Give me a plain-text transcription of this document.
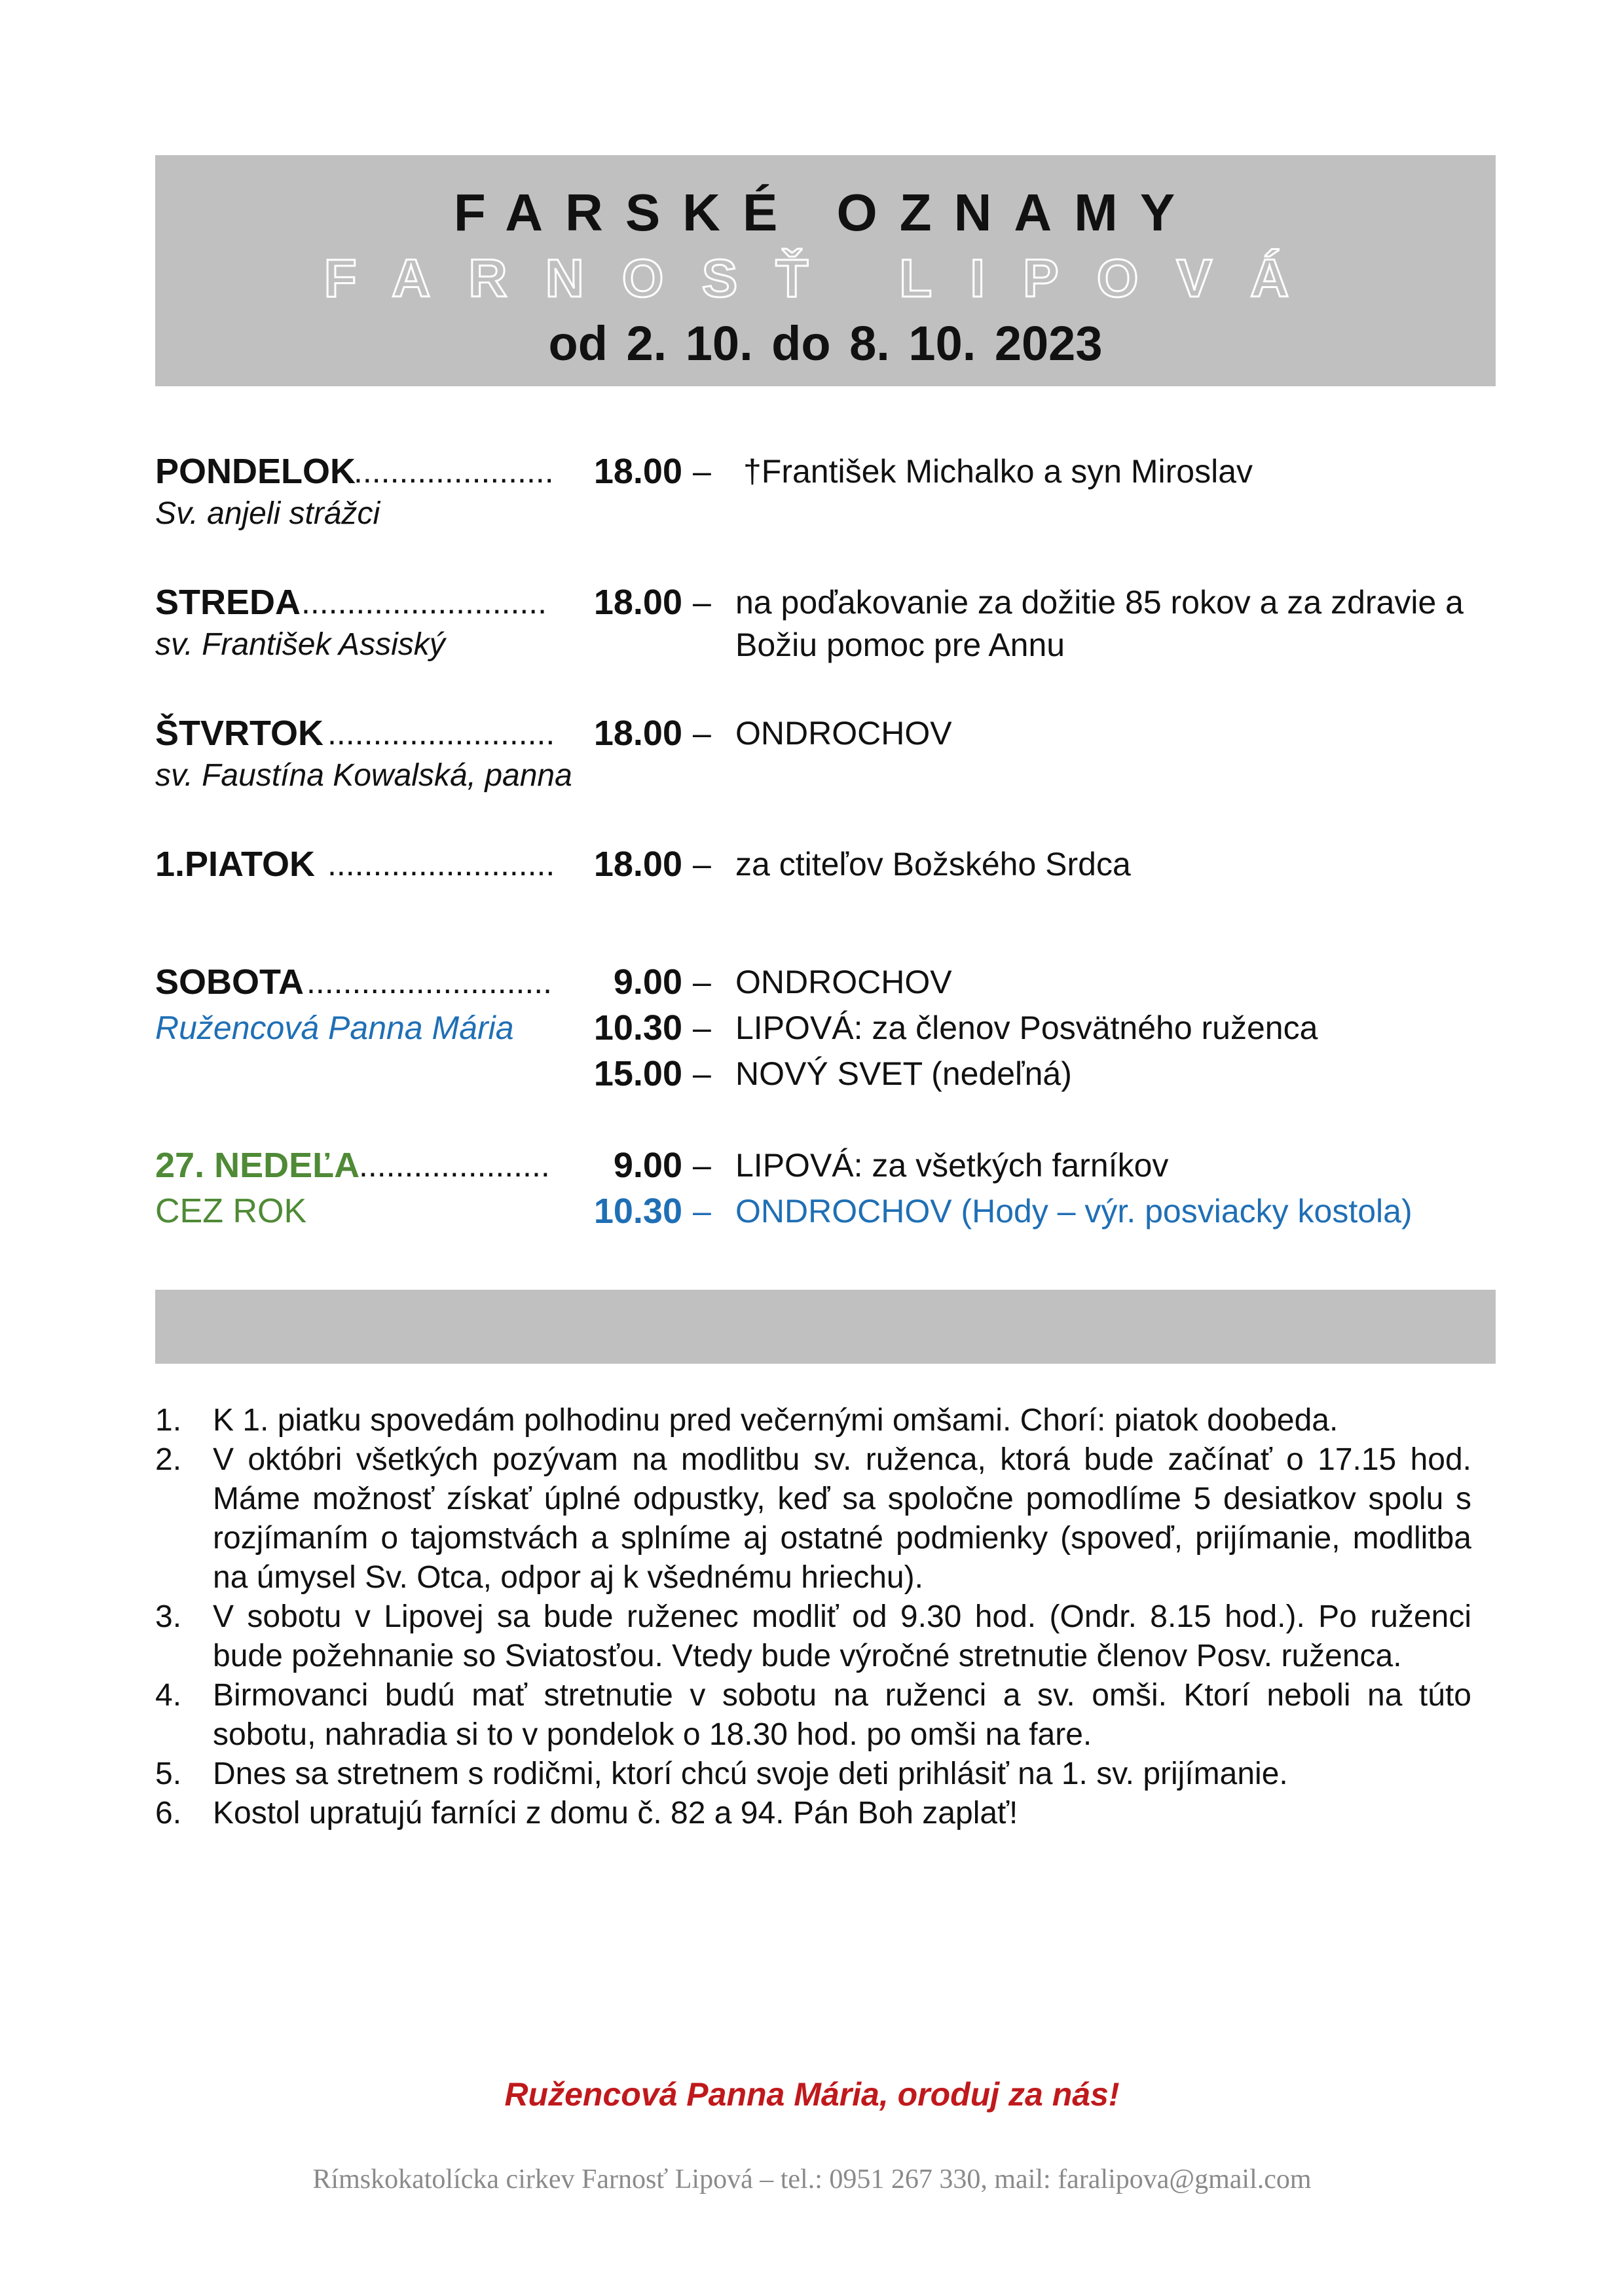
FARSKÉ OZNAMY
FARNOSŤ LIPOVÁ
od 2. 10. do 8. 10. 2023
PONDELOK
...................... 18.00 – †František Michalko a syn Miroslav
Sv. anjeli strážci
STREDA ........................... 18.00 – na poďakovanie za dožitie 85 rokov a za zdravie a
sv. František Assiský	Božiu pomoc pre Annu
ŠTVRTOK ......................... 18.00 – ONDROCHOV
sv. Faustína Kowalská, panna
1.PIATOK ......................... 18.00 – za ctiteľov Božského Srdca
SOBOTA ........................... 9.00 – ONDROCHOV
Ružencová Panna Mária 10.30 – LIPOVÁ: za členov Posvätného ruženca
15.00 – NOVÝ SVET (nedeľná)
27. NEDEĽA
..................... 9.00 – LIPOVÁ: za všetkých farníkov
CEZ ROK	10.30 – ONDROCHOV (Hody – výr. posviacky kostola)
1. K 1. piatku spovedám polhodinu pred večernými omšami. Chorí: piatok doobeda.
2. V októbri všetkých pozývam na modlitbu sv. ruženca, ktorá bude začínať o 17.15 hod. Máme možnosť získať úplné odpustky, keď sa spoločne pomodlíme 5 desiatkov spolu s rozjímaním o tajomstvách a splníme aj ostatné podmienky (spoveď, prijímanie, modlitba na úmysel Sv. Otca, odpor aj k všednému hriechu).
3. V sobotu v Lipovej sa bude ruženec modliť od 9.30 hod. (Ondr. 8.15 hod.). Po ruženci bude požehnanie so Sviatosťou. Vtedy bude výročné stretnutie členov Posv. ruženca.
4. Birmovanci budú mať stretnutie v sobotu na ruženci a sv. omši. Ktorí neboli na túto sobotu, nahradia si to v pondelok o 18.30 hod. po omši na fare.
5. Dnes sa stretnem s rodičmi, ktorí chcú svoje deti prihlásiť na 1. sv. prijímanie.
6. Kostol upratujú farníci z domu č. 82 a 94. Pán Boh zaplať!
Ružencová Panna Mária, oroduj za nás!
Rímskokatolícka cirkev Farnosť Lipová – tel.: 0951 267 330, mail: faralipova@gmail.com
